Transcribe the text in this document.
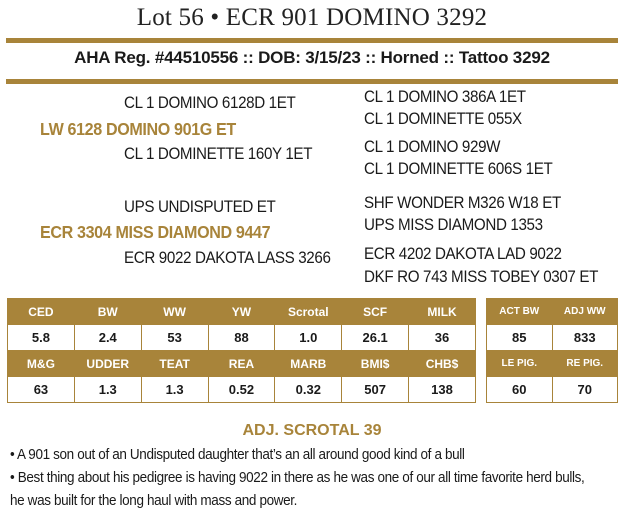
Lot 56 • ECR 901 DOMINO 3292
AHA Reg. #44510556 :: DOB: 3/15/23 :: Horned :: Tattoo 3292
CL 1 DOMINO 6128D 1ET
LW 6128 DOMINO 901G ET
CL 1 DOMINETTE 160Y 1ET
CL 1 DOMINO 386A 1ET
CL 1 DOMINETTE 055X
CL 1 DOMINO 929W
CL 1 DOMINETTE 606S 1ET
UPS UNDISPUTED ET
ECR 3304 MISS DIAMOND 9447
ECR 9022 DAKOTA LASS 3266
SHF WONDER M326 W18 ET
UPS MISS DIAMOND 1353
ECR 4202 DAKOTA LAD 9022
DKF RO 743 MISS TOBEY 0307 ET
CED	BW	WW	YW	Scrotal	SCF	MILK
5.8	2.4	53	88	1.0	26.1	36
M&G	UDDER	TEAT	REA	MARB	BMI$	CHB$
63	1.3	1.3	0.52	0.32	507	138
ACT BW	ADJ WW
85	833
LE PIG.	RE PIG.
60	70
ADJ. SCROTAL 39
• A 901 son out of an Undisputed daughter that’s an all around good kind of a bull
• Best thing about his pedigree is having 9022 in there as he was one of our all time favorite herd bulls,
he was built for the long haul with mass and power.
